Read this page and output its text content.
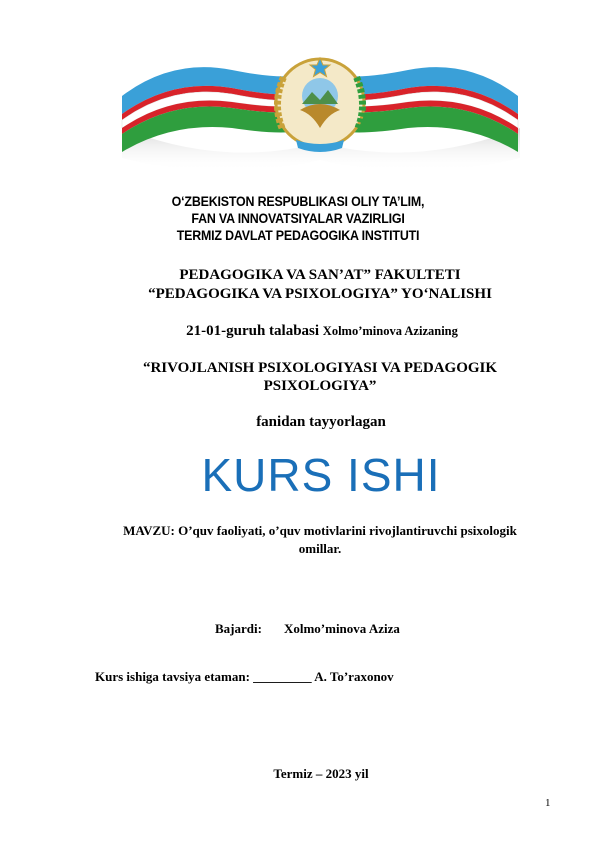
O‘ZBEKISTON RESPUBLIKASI OLIY TA’LIM,
FAN VA INNOVATSIYALAR VAZIRLIGI
TERMIZ DAVLAT PEDAGOGIKA INSTITUTI
PEDAGOGIKA VA SAN’AT” FAKULTETI
“PEDAGOGIKA VA PSIXOLOGIYA” YO‘NALISHI
21-01-guruh talabasi Xolmo’minova Azizaning
“RIVOJLANISH PSIXOLOGIYASI VA PEDAGOGIK
PSIXOLOGIYA”
fanidan tayyorlagan
KURS ISHI
MAVZU: O’quv faoliyati, o’quv motivlarini rivojlantiruvchi psixologik
omillar.
Bajardi: Xolmo’minova Aziza
Kurs ishiga tavsiya etaman: _________ A. To’raxonov
Termiz – 2023 yil
1
